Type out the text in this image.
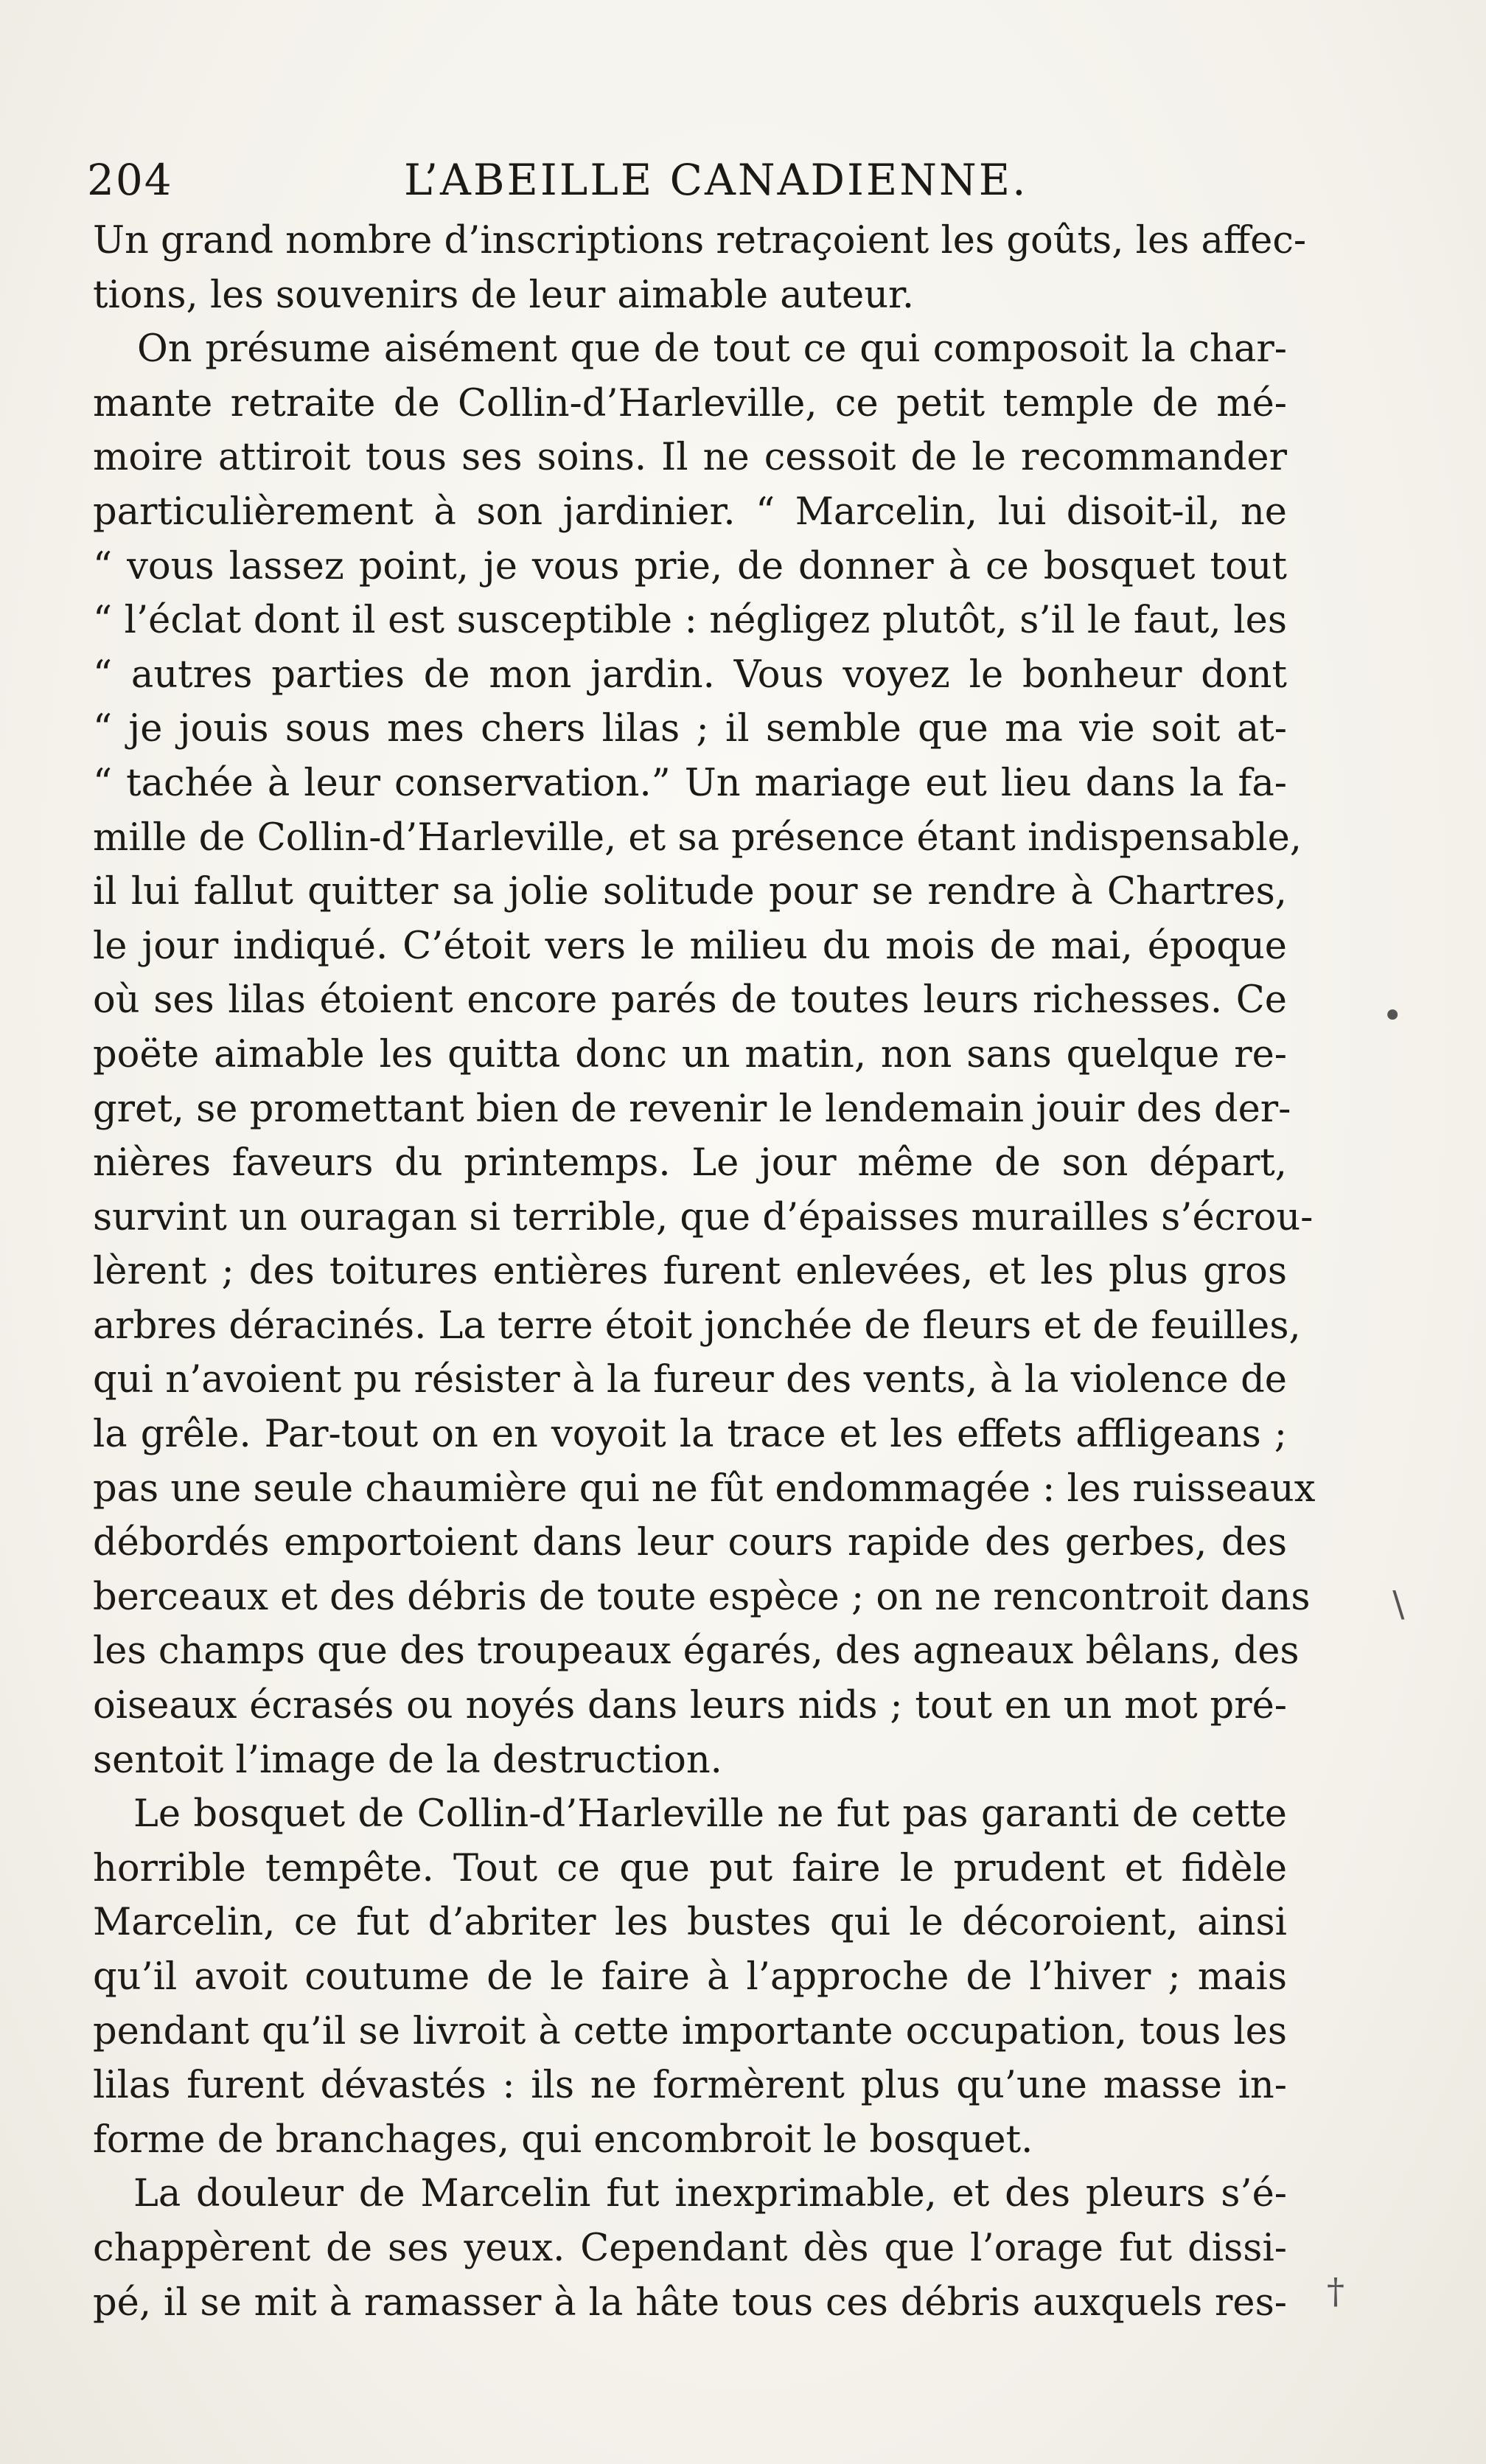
204	L’ABEILLE CANADIENNE.
Un grand nombre d’inscriptions retraçoient les goûts, les affec-
tions, les souvenirs de leur aimable auteur.
On présume aisément que de tout ce qui composoit la char-
mante retraite de Collin-d’Harleville, ce petit temple de mé-
moire attiroit tous ses soins. Il ne cessoit de le recommander
particulièrement à son jardinier. “ Marcelin, lui disoit-il, ne
“ vous lassez point, je vous prie, de donner à ce bosquet tout
“ l’éclat dont il est susceptible : négligez plutôt, s’il le faut, les
“ autres parties de mon jardin. Vous voyez le bonheur dont
“ je jouis sous mes chers lilas ; il semble que ma vie soit at-
“ tachée à leur conservation.” Un mariage eut lieu dans la fa-
mille de Collin-d’Harleville, et sa présence étant indispensable,
il lui fallut quitter sa jolie solitude pour se rendre à Chartres,
le jour indiqué. C’étoit vers le milieu du mois de mai, époque
où ses lilas étoient encore parés de toutes leurs richesses. Ce
poëte aimable les quitta donc un matin, non sans quelque re-
gret, se promettant bien de revenir le lendemain jouir des der-
nières faveurs du printemps. Le jour même de son départ,
survint un ouragan si terrible, que d’épaisses murailles s’écrou-
lèrent ; des toitures entières furent enlevées, et les plus gros
arbres déracinés. La terre étoit jonchée de fleurs et de feuilles,
qui n’avoient pu résister à la fureur des vents, à la violence de
la grêle. Par-tout on en voyoit la trace et les effets affligeans ;
pas une seule chaumière qui ne fût endommagée : les ruisseaux
débordés emportoient dans leur cours rapide des gerbes, des
berceaux et des débris de toute espèce ; on ne rencontroit dans
les champs que des troupeaux égarés, des agneaux bêlans, des
oiseaux écrasés ou noyés dans leurs nids ; tout en un mot pré-
sentoit l’image de la destruction.
Le bosquet de Collin-d’Harleville ne fut pas garanti de cette
horrible tempête. Tout ce que put faire le prudent et fidèle
Marcelin, ce fut d’abriter les bustes qui le décoroient, ainsi
qu’il avoit coutume de le faire à l’approche de l’hiver ; mais
pendant qu’il se livroit à cette importante occupation, tous les
lilas furent dévastés : ils ne formèrent plus qu’une masse in-
forme de branchages, qui encombroit le bosquet.
La douleur de Marcelin fut inexprimable, et des pleurs s’é-
chappèrent de ses yeux. Cependant dès que l’orage fut dissi-
pé, il se mit à ramasser à la hâte tous ces débris auxquels res-
•
∖
†
